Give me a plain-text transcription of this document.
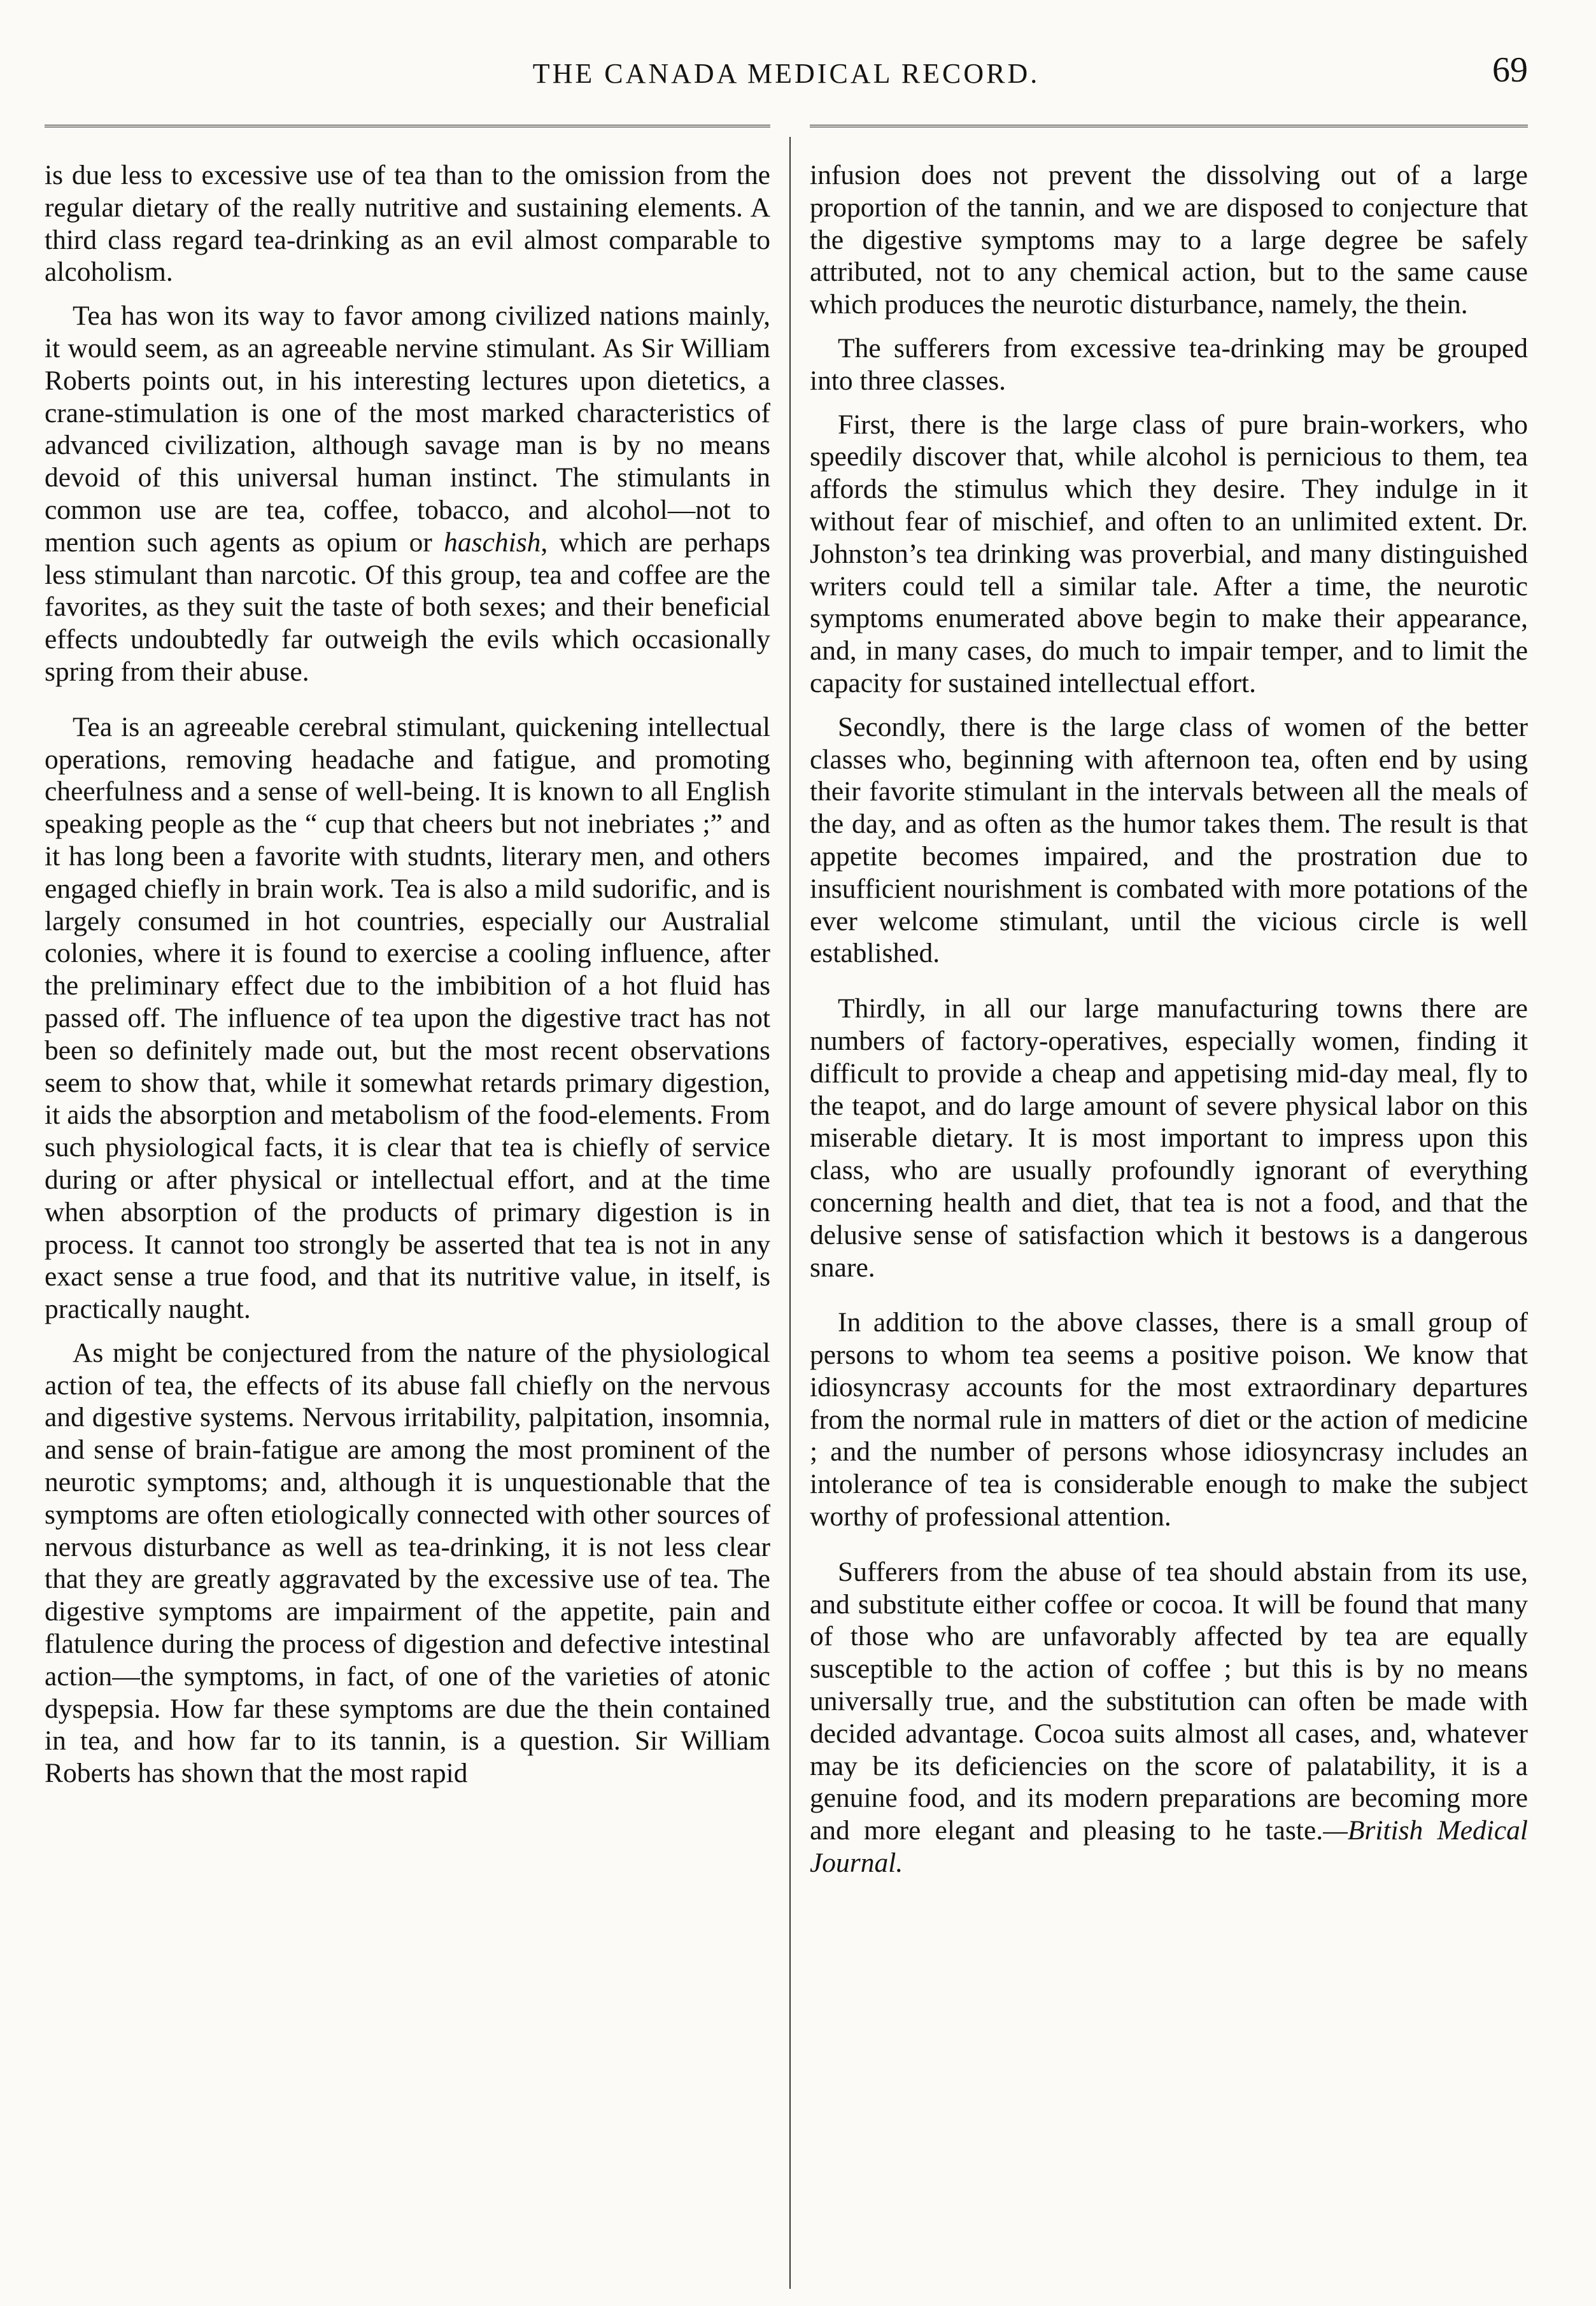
THE CANADA MEDICAL RECORD.	69

is due less to excessive use of tea than to the omission from the regular dietary of the really nutritive and sustaining elements. A third class regard tea-drinking as an evil almost comparable to alcoholism.

Tea has won its way to favor among civilized nations mainly, it would seem, as an agreeable nervine stimulant. As Sir William Roberts points out, in his interesting lectures upon dietetics, a crane-stimulation is one of the most marked characteristics of advanced civilization, although savage man is by no means devoid of this universal human instinct. The stimulants in common use are tea, coffee, tobacco, and alcohol—not to mention such agents as opium or haschish, which are perhaps less stimulant than narcotic. Of this group, tea and coffee are the favorites, as they suit the taste of both sexes; and their beneficial effects undoubtedly far outweigh the evils which occasionally spring from their abuse.

Tea is an agreeable cerebral stimulant, quickening intellectual operations, removing headache and fatigue, and promoting cheerfulness and a sense of well-being. It is known to all English speaking people as the “ cup that cheers but not inebriates ;” and it has long been a favorite with studnts, literary men, and others engaged chiefly in brain work. Tea is also a mild sudorific, and is largely consumed in hot countries, especially our Australial colonies, where it is found to exercise a cooling influence, after the preliminary effect due to the imbibition of a hot fluid has passed off. The influence of tea upon the digestive tract has not been so definitely made out, but the most recent observations seem to show that, while it somewhat retards primary digestion, it aids the absorption and metabolism of the food-elements. From such physiological facts, it is clear that tea is chiefly of service during or after physical or intellectual effort, and at the time when absorption of the products of primary digestion is in process. It cannot too strongly be asserted that tea is not in any exact sense a true food, and that its nutritive value, in itself, is practically naught.

As might be conjectured from the nature of the physiological action of tea, the effects of its abuse fall chiefly on the nervous and digestive systems. Nervous irritability, palpitation, insomnia, and sense of brain-fatigue are among the most prominent of the neurotic symptoms; and, although it is unquestionable that the symptoms are often etiologically connected with other sources of nervous disturbance as well as tea-drinking, it is not less clear that they are greatly aggravated by the excessive use of tea. The digestive symptoms are impairment of the appetite, pain and flatulence during the process of digestion and defective intestinal action—the symptoms, in fact, of one of the varieties of atonic dyspepsia. How far these symptoms are due the thein contained in tea, and how far to its tannin, is a question. Sir William Roberts has shown that the most rapid

infusion does not prevent the dissolving out of a large proportion of the tannin, and we are disposed to conjecture that the digestive symptoms may to a large degree be safely attributed, not to any chemical action, but to the same cause which produces the neurotic disturbance, namely, the thein.

The sufferers from excessive tea-drinking may be grouped into three classes.

First, there is the large class of pure brain-workers, who speedily discover that, while alcohol is pernicious to them, tea affords the stimulus which they desire. They indulge in it without fear of mischief, and often to an unlimited extent. Dr. Johnston’s tea drinking was proverbial, and many distinguished writers could tell a similar tale. After a time, the neurotic symptoms enumerated above begin to make their appearance, and, in many cases, do much to impair temper, and to limit the capacity for sustained intellectual effort.

Secondly, there is the large class of women of the better classes who, beginning with afternoon tea, often end by using their favorite stimulant in the intervals between all the meals of the day, and as often as the humor takes them. The result is that appetite becomes impaired, and the prostration due to insufficient nourishment is combated with more potations of the ever welcome stimulant, until the vicious circle is well established.

Thirdly, in all our large manufacturing towns there are numbers of factory-operatives, especially women, finding it difficult to provide a cheap and appetising mid-day meal, fly to the teapot, and do large amount of severe physical labor on this miserable dietary. It is most important to impress upon this class, who are usually profoundly ignorant of everything concerning health and diet, that tea is not a food, and that the delusive sense of satisfaction which it bestows is a dangerous snare.

In addition to the above classes, there is a small group of persons to whom tea seems a positive poison. We know that idiosyncrasy accounts for the most extraordinary departures from the normal rule in matters of diet or the action of medicine ; and the number of persons whose idiosyncrasy includes an intolerance of tea is considerable enough to make the subject worthy of professional attention.

Sufferers from the abuse of tea should abstain from its use, and substitute either coffee or cocoa. It will be found that many of those who are unfavorably affected by tea are equally susceptible to the action of coffee ; but this is by no means universally true, and the substitution can often be made with decided advantage. Cocoa suits almost all cases, and, whatever may be its deficiencies on the score of palatability, it is a genuine food, and its modern preparations are becoming more and more elegant and pleasing to he taste.—British Medical Journal.
